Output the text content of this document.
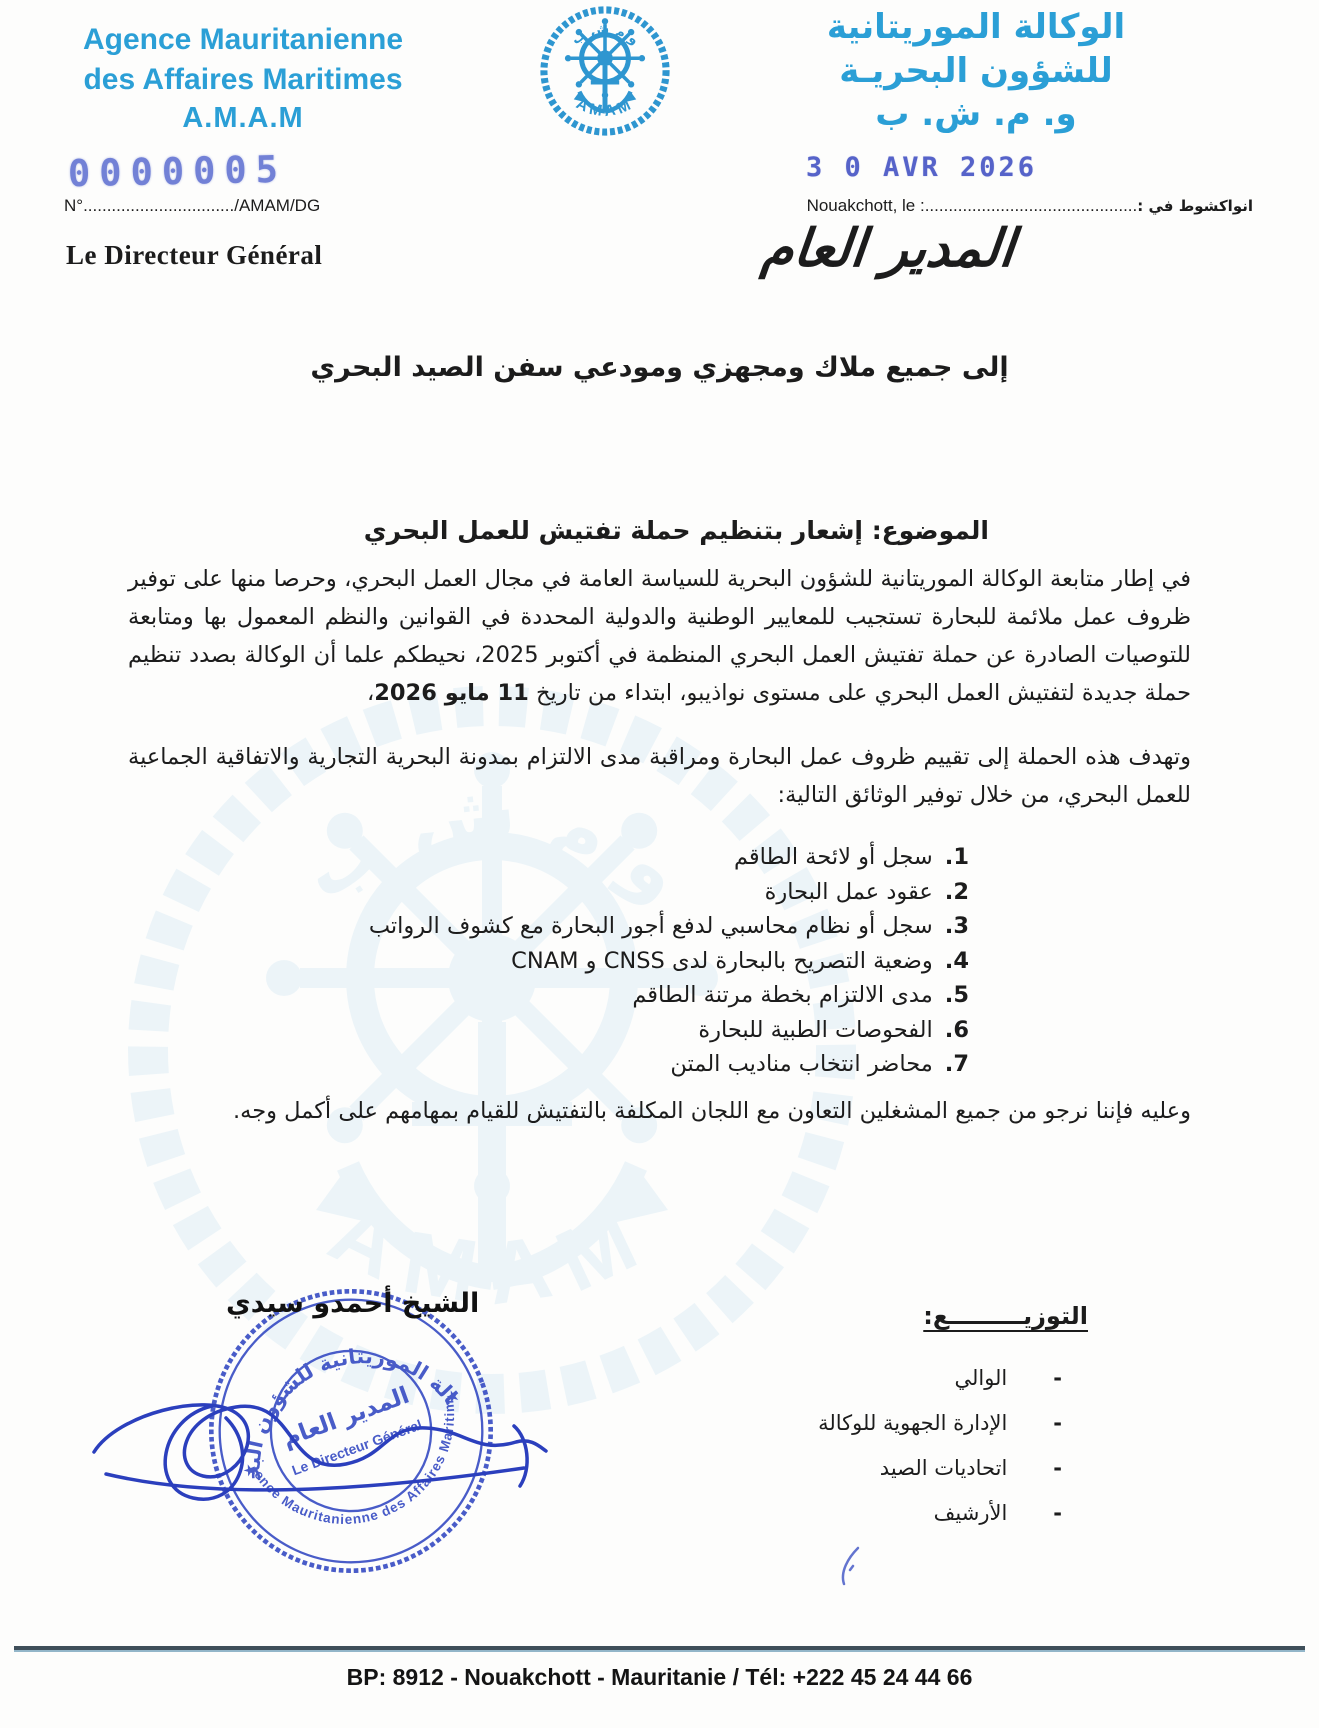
Agence Mauritanienne
des Affaires Maritimes
A.M.A.M
الوكالة الموريتانية
للشؤون البحريـة
و. م. ش. ب
0000005	3 0 AVR 2026
N°................................/AMAM/DG	Nouakchott, le : ............................................. : انواكشوط في
Le Directeur Général	المدير العام
إلى جميع ملاك ومجهزي ومودعي سفن الصيد البحري
الموضوع: إشعار بتنظيم حملة تفتيش للعمل البحري

في إطار متابعة الوكالة الموريتانية للشؤون البحرية للسياسة العامة في مجال العمل البحري، وحرصا منها على توفير ظروف عمل ملائمة للبحارة تستجيب للمعايير الوطنية والدولية المحددة في القوانين والنظم المعمول بها ومتابعة للتوصيات الصادرة عن حملة تفتيش العمل البحري المنظمة في أكتوبر 2025، نحيطكم علما أن الوكالة بصدد تنظيم حملة جديدة لتفتيش العمل البحري على مستوى نواذيبو، ابتداء من تاريخ 11 مايو 2026،

وتهدف هذه الحملة إلى تقييم ظروف عمل البحارة ومراقبة مدى الالتزام بمدونة البحرية التجارية والاتفاقية الجماعية للعمل البحري، من خلال توفير الوثائق التالية:

1.
سجل أو لائحة الطاقم
2.
عقود عمل البحارة
3.
سجل أو نظام محاسبي لدفع أجور البحارة مع كشوف الرواتب
4.
وضعية التصريح بالبحارة لدى CNSS و CNAM
5.
مدى الالتزام بخطة مرتنة الطاقم
6.
الفحوصات الطبية للبحارة
7.
محاضر انتخاب مناديب المتن

وعليه فإننا نرجو من جميع المشغلين التعاون مع اللجان المكلفة بالتفتيش للقيام بمهامهم على أكمل وجه.

الشيخ أحمدو سيدي	التوزيـــــــــع:
-
الوالي
-
الإدارة الجهوية للوكالة
-
اتحاديات الصيد
-
الأرشيف
BP: 8912 - Nouakchott - Mauritanie / Tél: +222 45 24 44 66
